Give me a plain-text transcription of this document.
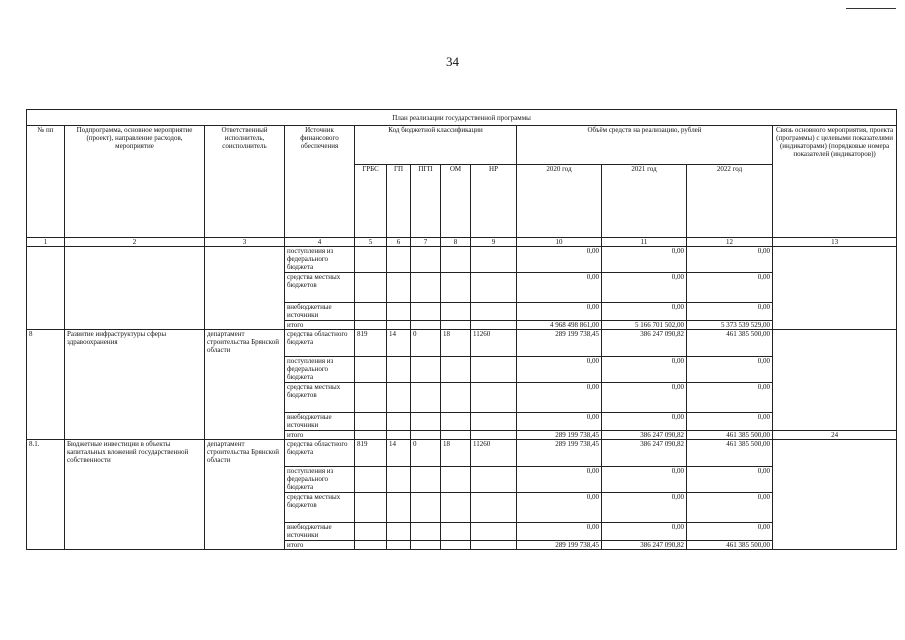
34
План реализации государственной программы												
№ пп	Подпрограмма, основное мероприятие (проект), направление расходов, мероприятие	Ответственный исполнитель, соисполнитель	Источник финансового обеспечения	Код бюджетной классификации					Объём средств на реализацию, рублей			Связь основного мероприятия, проекта (программы) с целевыми показателями (индикаторами) (порядковые номера показателей (индикаторов))
				ГРБС	ГП	ПГП	ОМ	НР	2020 год	2021 год	2022 год	
1	2	3	4	5	6	7	8	9	10	11	12	13
			поступления из федерального бюджета						0,00	0,00	0,00	
			средства местных бюджетов						0,00	0,00	0,00	
			внебюджетные источники						0,00	0,00	0,00	
			итого						4 968 498 861,00	5 166 701 502,00	5 373 539 529,00	
8	Развитие инфраструктуры сферы здравоохранения	департамент строительства Брянской области	средства областного бюджета	819	14	0	18	11260	289 199 738,45	386 247 090,82	461 385 500,00	
			поступления из федерального бюджета						0,00	0,00	0,00	
			средства местных бюджетов						0,00	0,00	0,00	
			внебюджетные источники						0,00	0,00	0,00	
			итого						289 199 738,45	386 247 090,82	461 385 500,00	24
8.1.	Бюджетные инвестиции в объекты капитальных вложений государственной собственности	департамент строительства Брянской области	средства областного бюджета	819	14	0	18	11260	289 199 738,45	386 247 090,82	461 385 500,00	
			поступления из федерального бюджета						0,00	0,00	0,00	
			средства местных бюджетов						0,00	0,00	0,00	
			внебюджетные источники						0,00	0,00	0,00	
			итого						289 199 738,45	386 247 090,82	461 385 500,00	
